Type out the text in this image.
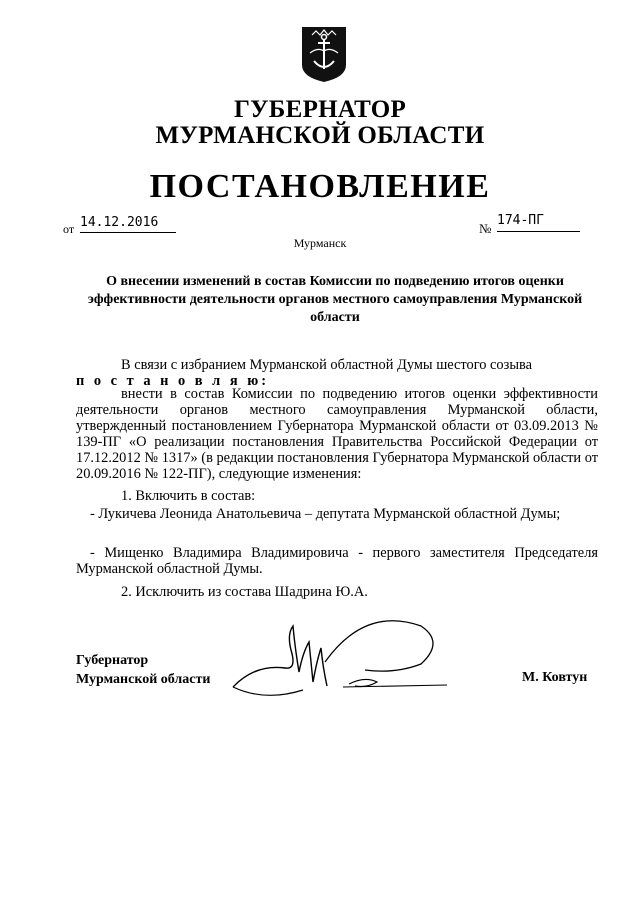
ГУБЕРНАТОР
МУРМАНСКОЙ ОБЛАСТИ
ПОСТАНОВЛЕНИЕ
от 14.12.2016	№
174-ПГ
Мурманск
О внесении изменений в состав Комиссии по подведению итогов оценки эффективности деятельности органов местного самоуправления Мурманской области
В связи с избранием Мурманской областной Думы шестого созыва
п о с т а н о в л я ю:
внести в состав Комиссии по подведению итогов оценки эффективности деятельности органов местного самоуправления Мурманской области, утвержденный постановлением Губернатора Мурманской области от 03.09.2013 № 139-ПГ «О реализации постановления Правительства Российской Федерации от 17.12.2012 № 1317» (в редакции постановления Губернатора Мурманской области от 20.09.2016 № 122-ПГ), следующие изменения:
1. Включить в состав:
- Лукичева Леонида Анатольевича – депутата Мурманской областной Думы;
- Мищенко Владимира Владимировича - первого заместителя Председателя Мурманской областной Думы.
2. Исключить из состава Шадрина Ю.А.
Губернатор
Мурманской области	М. Ковтун
